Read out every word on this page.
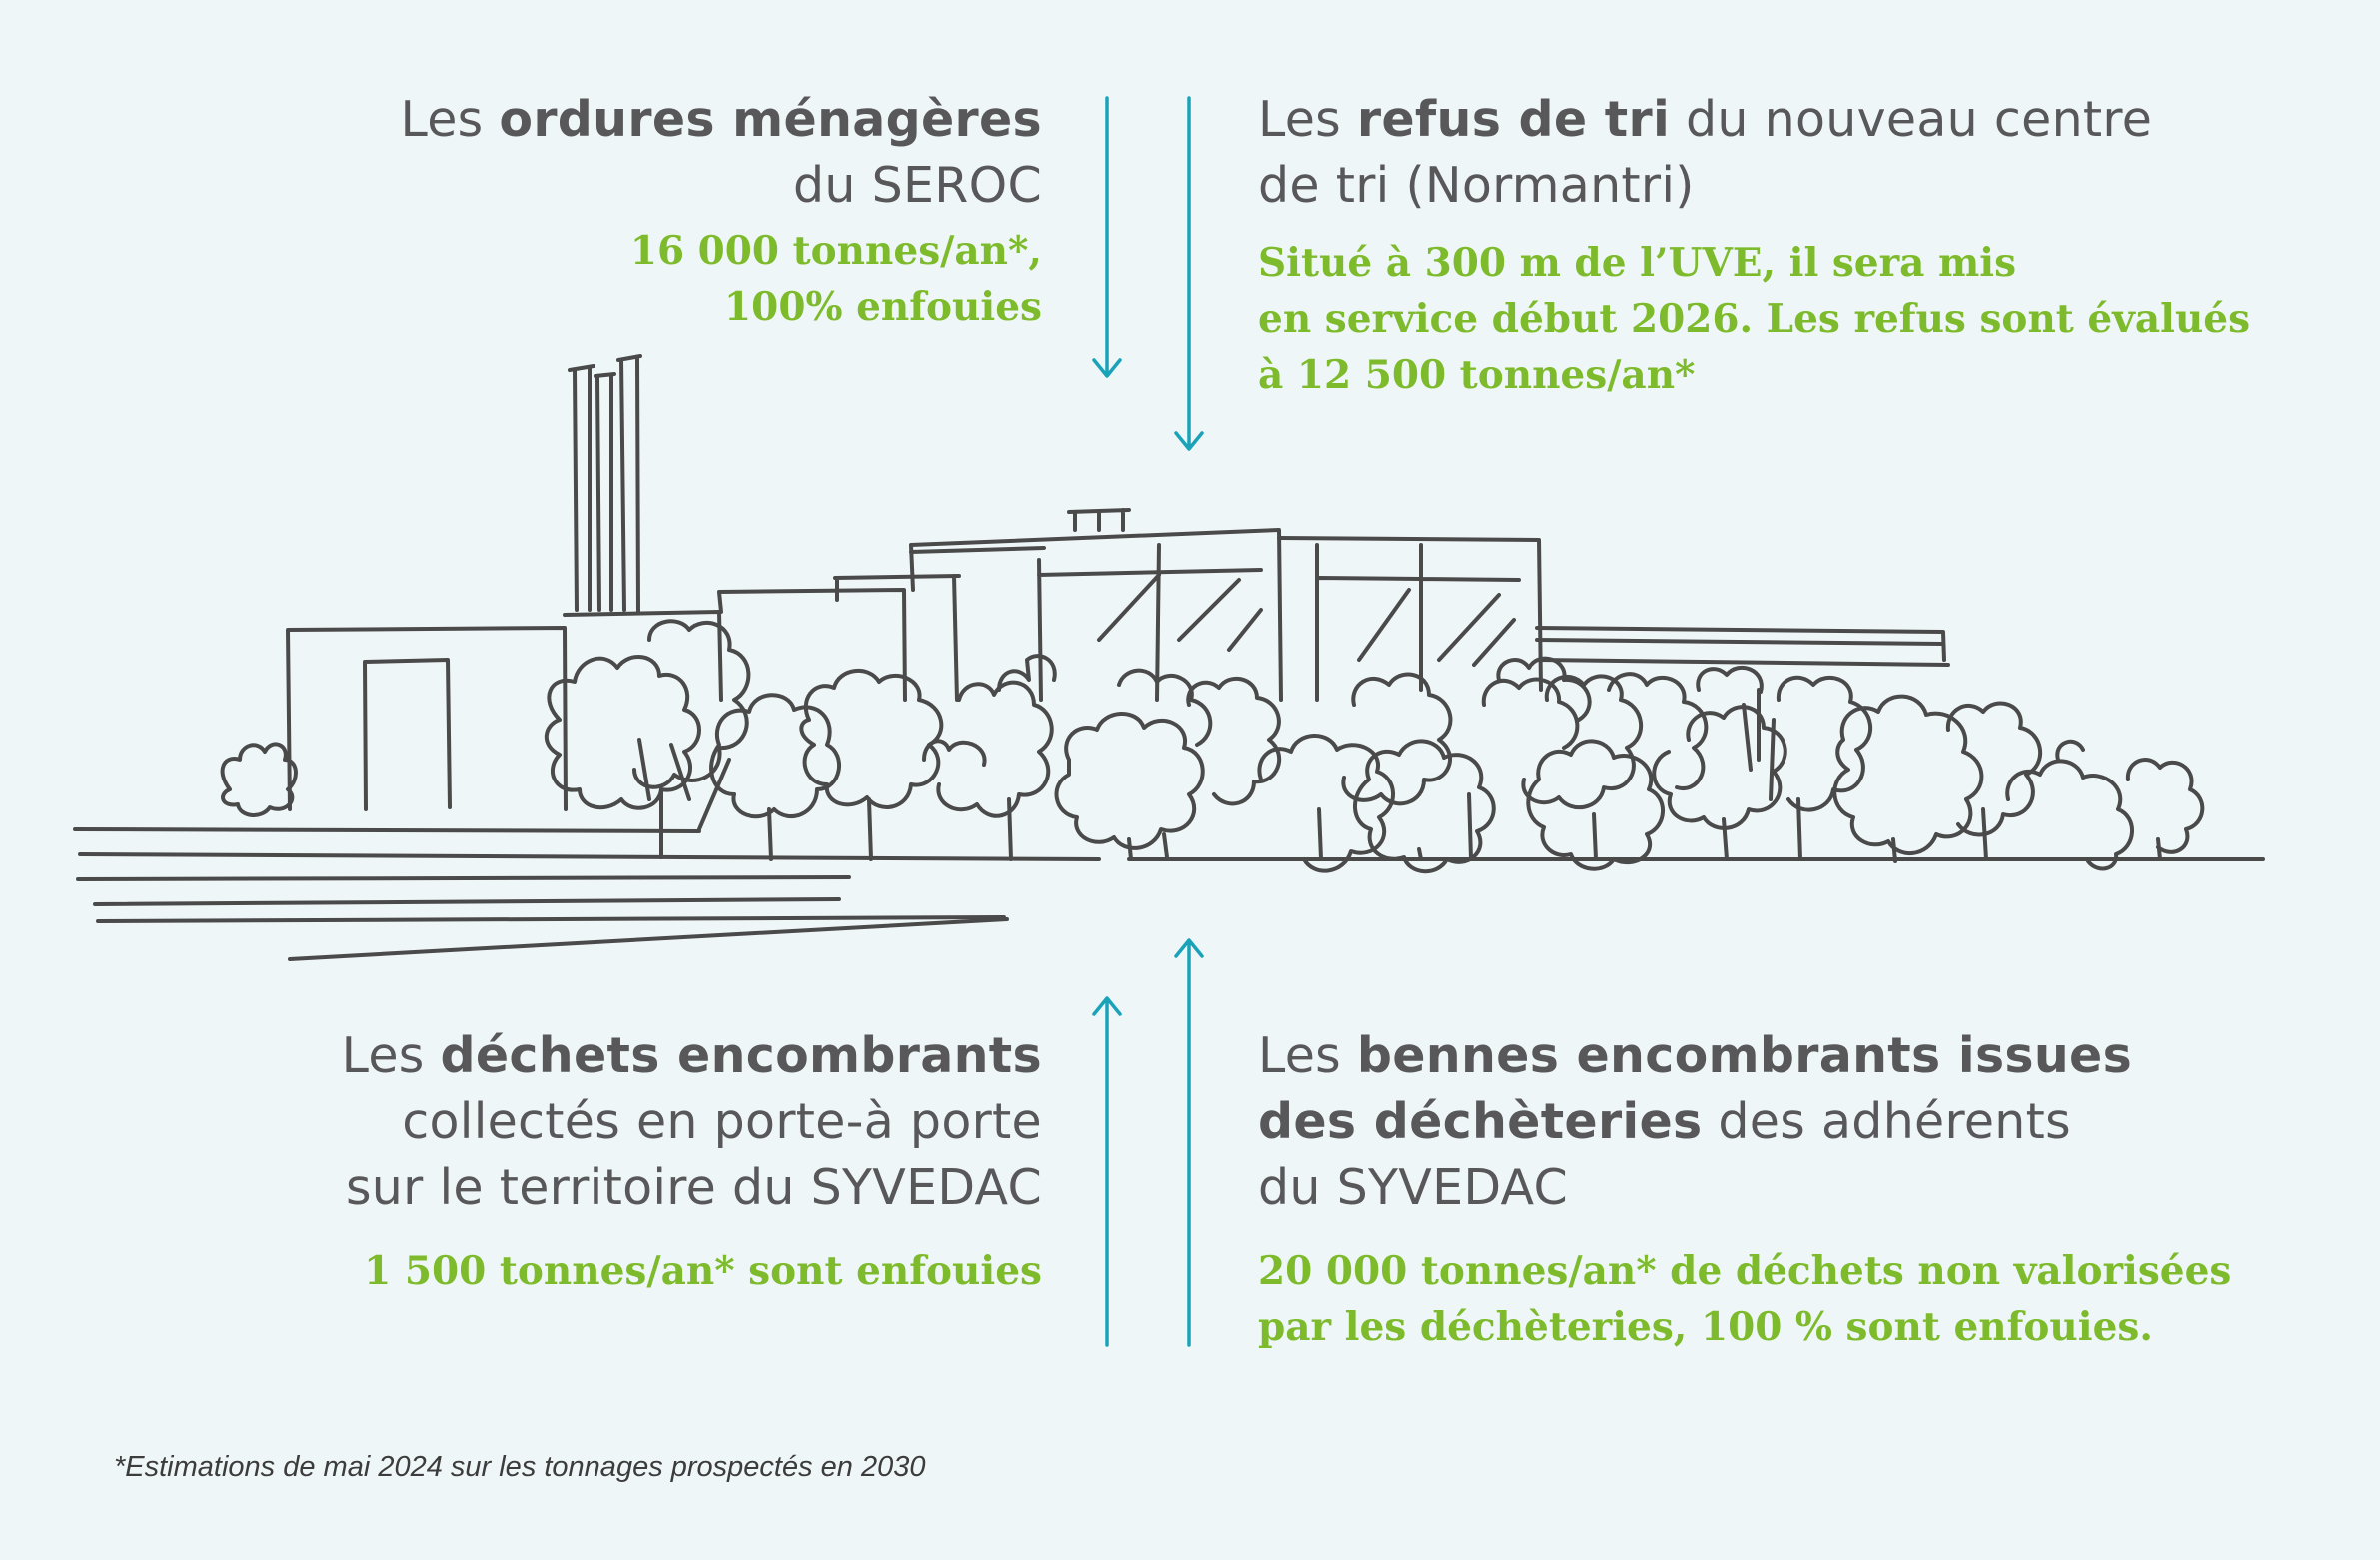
Les ordures ménagères
du SEROC
16 000 tonnes/an*,
100% enfouies
Les refus de tri du nouveau centre
de tri (Normantri)
Situé à 300 m de l’UVE, il sera mis
en service début 2026. Les refus sont évalués
à 12 500 tonnes/an*
Les déchets encombrants
collectés en porte-à porte
sur le territoire du SYVEDAC
1 500 tonnes/an* sont enfouies
Les bennes encombrants issues
des déchèteries des adhérents
du SYVEDAC
20 000 tonnes/an* de déchets non valorisées
par les déchèteries, 100 % sont enfouies.
*Estimations de mai 2024 sur les tonnages prospectés en 2030
